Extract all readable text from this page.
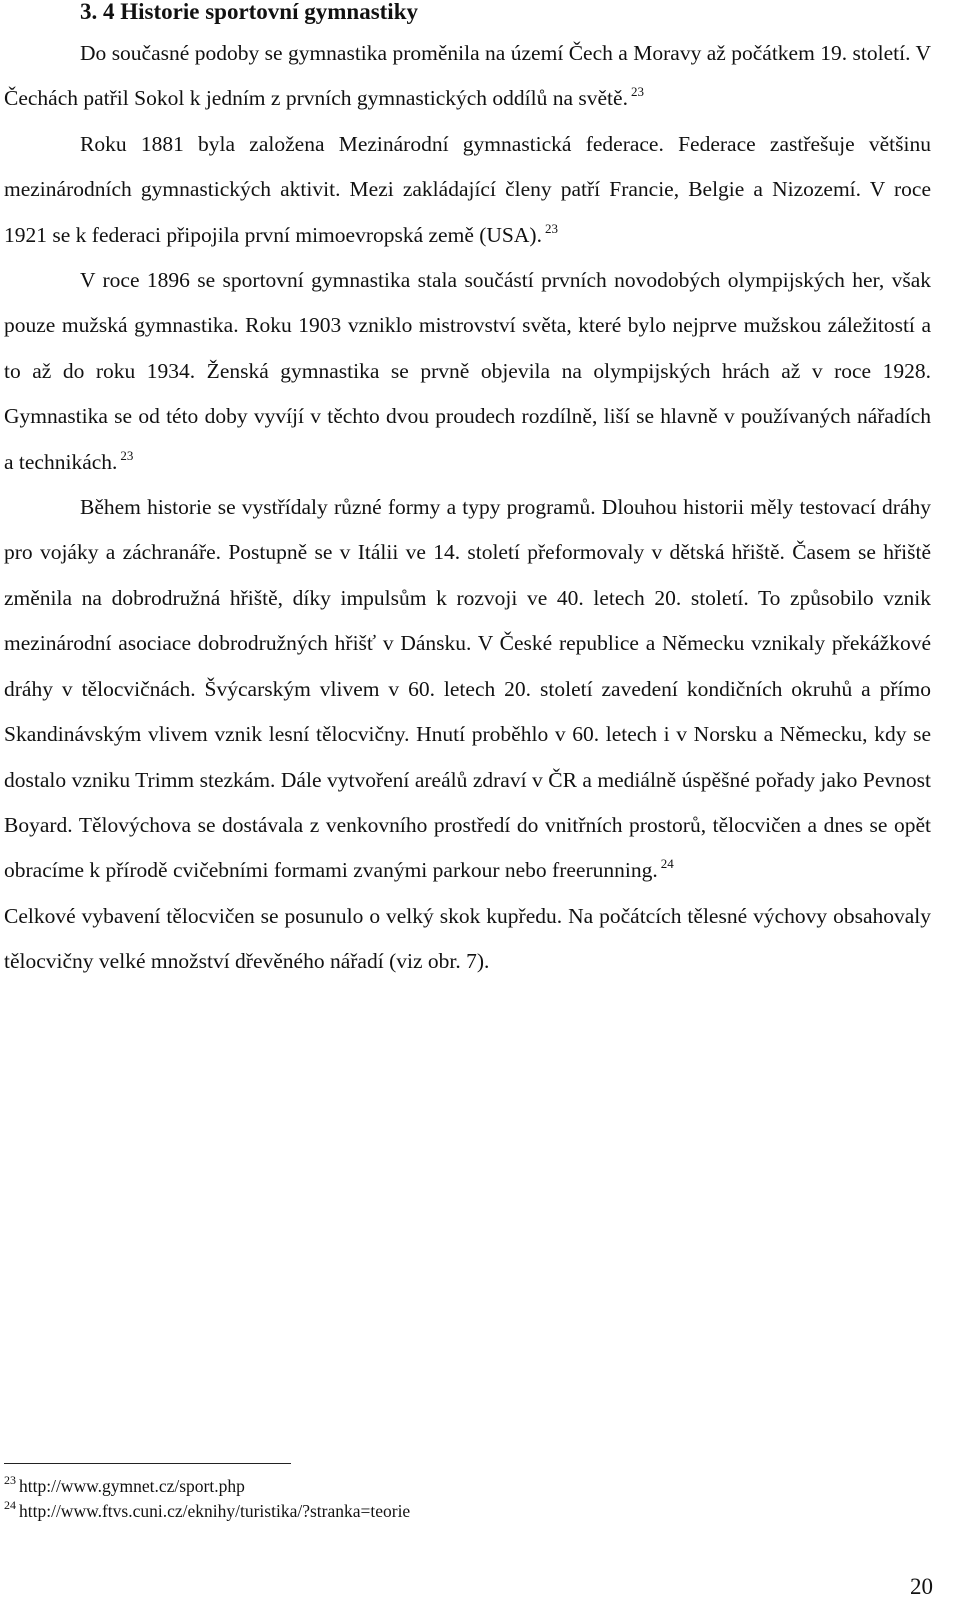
3. 4 Historie sportovní gymnastiky

Do současné podoby se gymnastika proměnila na území Čech a Moravy až počátkem 19. století. V Čechách patřil Sokol k jedním z prvních gymnastických oddílů na světě. $^{23}$

Roku 1881 byla založena Mezinárodní gymnastická federace. Federace zastřešuje většinu mezinárodních gymnastických aktivit. Mezi zakládající členy patří Francie, Belgie a Nizozemí. V roce 1921 se k federaci připojila první mimoevropská země (USA). $^{23}$

V roce 1896 se sportovní gymnastika stala součástí prvních novodobých olympijských her, však pouze mužská gymnastika. Roku 1903 vzniklo mistrovství světa, které bylo nejprve mužskou záležitostí a to až do roku 1934. Ženská gymnastika se prvně objevila na olympijských hrách až v roce 1928. Gymnastika se od této doby vyvíjí v těchto dvou proudech rozdílně, liší se hlavně v používaných nářadích a technikách. $^{23}$

Během historie se vystřídaly různé formy a typy programů. Dlouhou historii měly testovací dráhy pro vojáky a záchranáře. Postupně se v Itálii ve 14. století přeformovaly v dětská hřiště. Časem se hřiště změnila na dobrodružná hřiště, díky impulsům k rozvoji ve 40. letech 20. století. To způsobilo vznik mezinárodní asociace dobrodružných hřišť v Dánsku. V České republice a Německu vznikaly překážkové dráhy v tělocvičnách. Švýcarským vlivem v 60. letech 20. století zavedení kondičních okruhů a přímo Skandinávským vlivem vznik lesní tělocvičny. Hnutí proběhlo v 60. letech i v Norsku a Německu, kdy se dostalo vzniku Trimm stezkám. Dále vytvoření areálů zdraví v ČR a mediálně úspěšné pořady jako Pevnost Boyard. Tělovýchova se dostávala z venkovního prostředí do vnitřních prostorů, tělocvičen a dnes se opět obracíme k přírodě cvičebními formami zvanými parkour nebo freerunning. $^{24}$

Celkové vybavení tělocvičen se posunulo o velký skok kupředu. Na počátcích tělesné výchovy obsahovaly tělocvičny velké množství dřevěného nářadí (viz obr. 7).

$^{23}$ http://www.gymnet.cz/sport.php
$^{24}$ http://www.ftvs.cuni.cz/eknihy/turistika/?stranka=teorie
20
